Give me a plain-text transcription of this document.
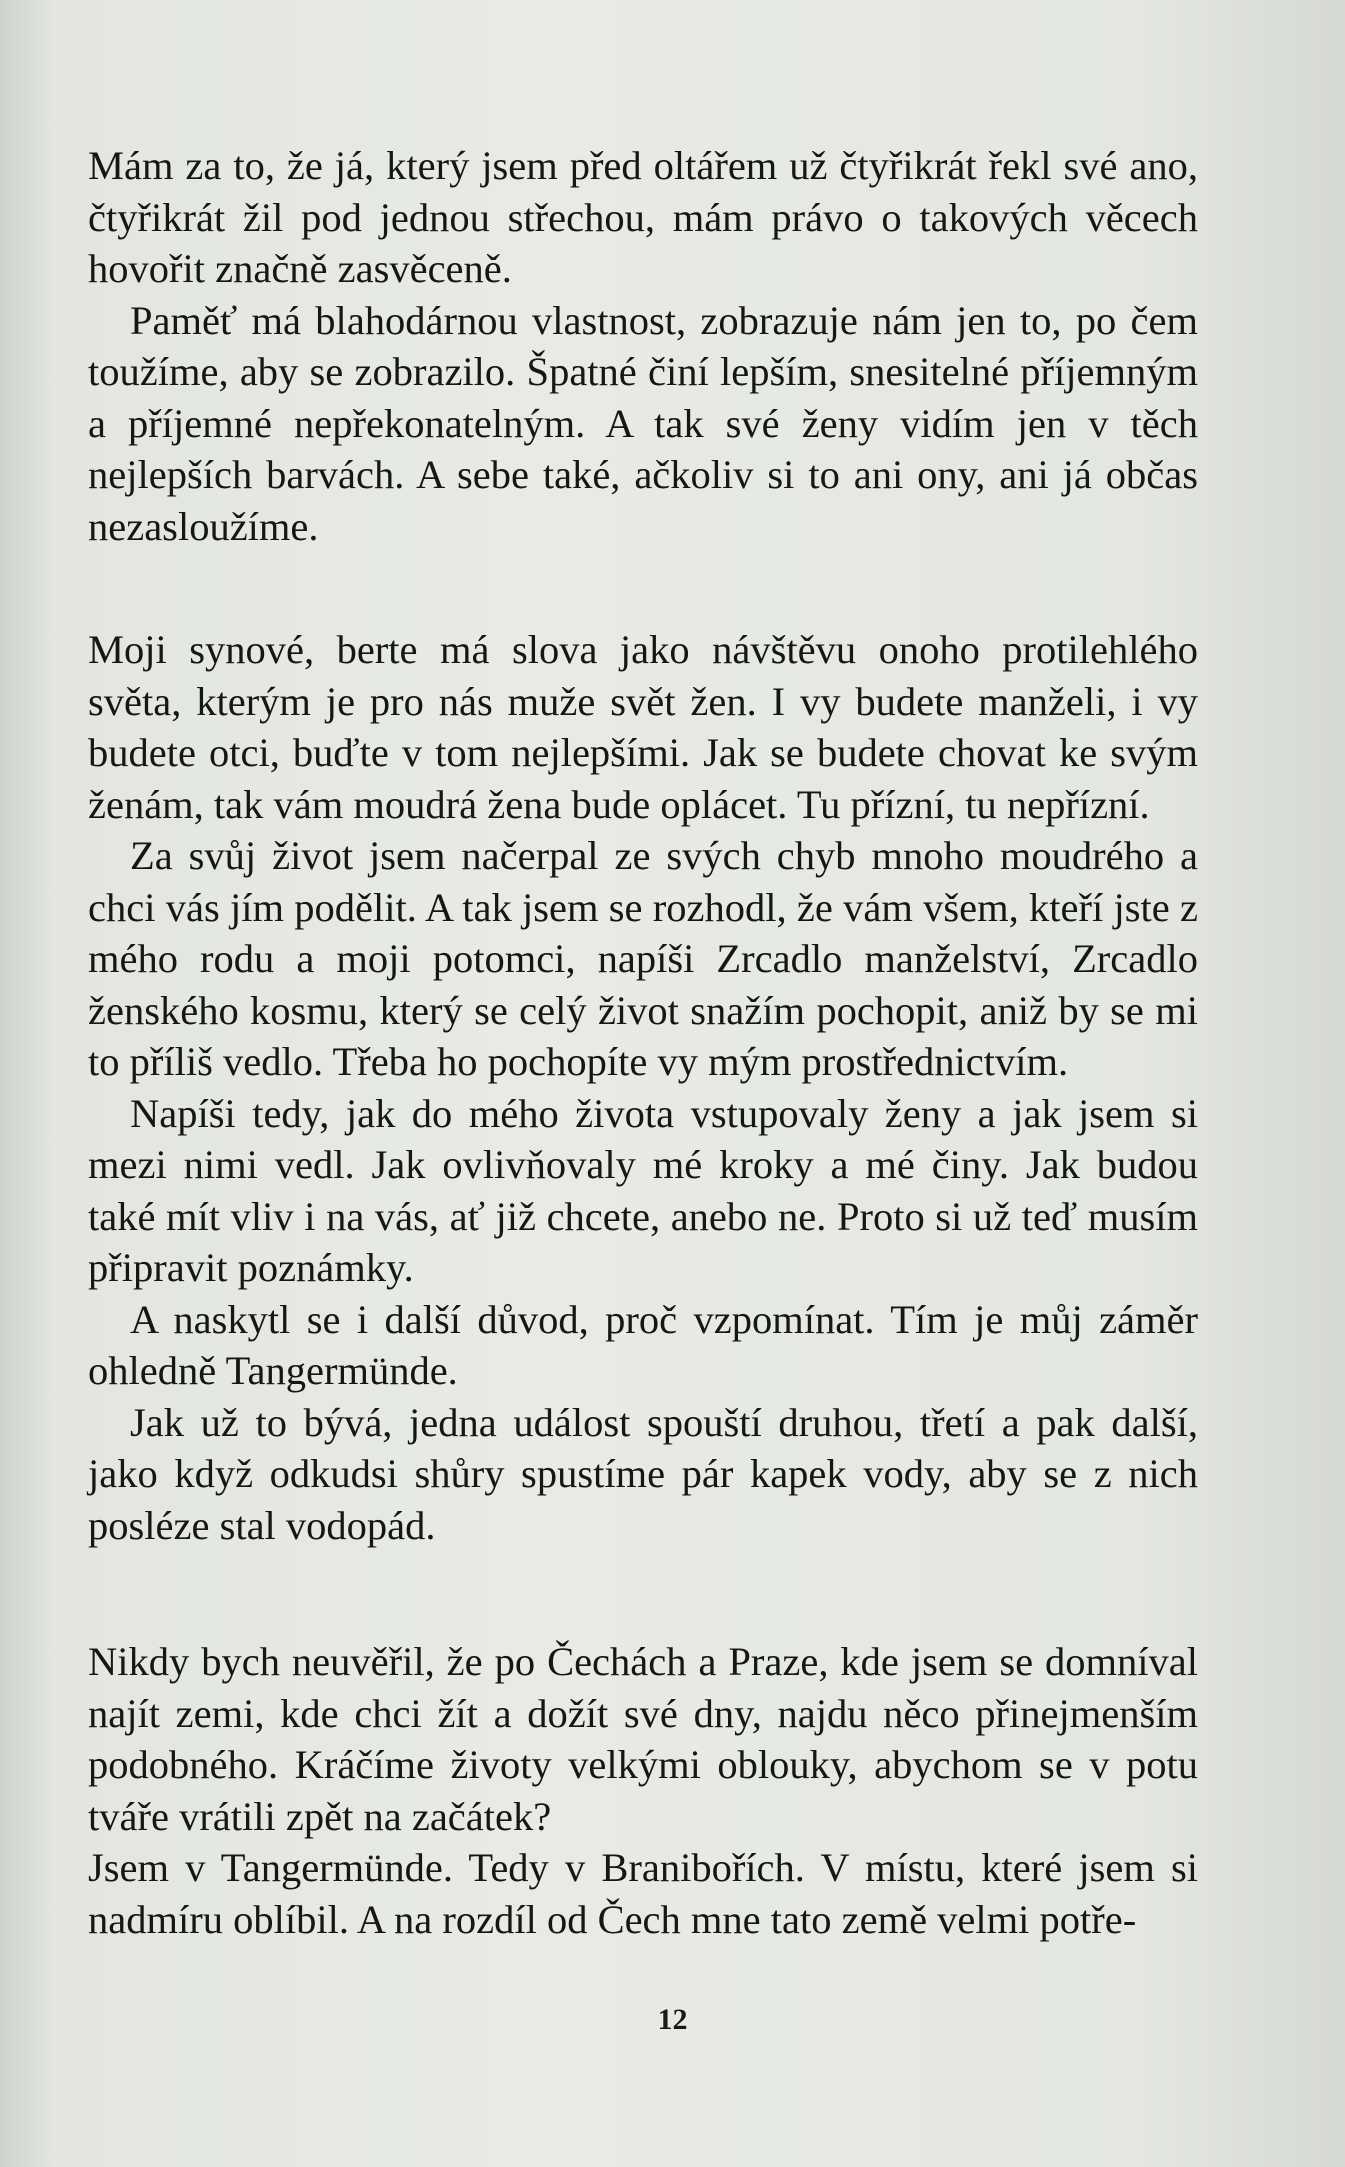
Mám za to, že já, který jsem před oltářem už čtyřikrát řekl své ano, čtyřikrát žil pod jednou střechou, mám právo o takových věcech hovořit značně zasvěceně.

Paměť má blahodárnou vlastnost, zobrazuje nám jen to, po čem toužíme, aby se zobrazilo. Špatné činí lepším, snesitelné příjemným a příjemné nepřekonatelným. A tak své ženy vidím jen v těch nejlepších barvách. A sebe také, ačkoliv si to ani ony, ani já občas nezasloužíme.

Moji synové, berte má slova jako návštěvu onoho protilehlého světa, kterým je pro nás muže svět žen. I vy budete manželi, i vy budete otci, buďte v tom nejlepšími. Jak se budete chovat ke svým ženám, tak vám moudrá žena bude oplácet. Tu přízní, tu nepřízní.

Za svůj život jsem načerpal ze svých chyb mnoho moudrého a chci vás jím podělit. A tak jsem se rozhodl, že vám všem, kteří jste z mého rodu a moji potomci, napíši Zrcadlo manželství, Zrcadlo ženského kosmu, který se celý život snažím pochopit, aniž by se mi to příliš vedlo. Třeba ho pochopíte vy mým prostřednictvím.

Napíši tedy, jak do mého života vstupovaly ženy a jak jsem si mezi nimi vedl. Jak ovlivňovaly mé kroky a mé činy. Jak budou také mít vliv i na vás, ať již chcete, anebo ne. Proto si už teď musím připravit poznámky.

A naskytl se i další důvod, proč vzpomínat. Tím je můj záměr ohledně Tangermünde.

Jak už to bývá, jedna událost spouští druhou, třetí a pak další, jako když odkudsi shůry spustíme pár kapek vody, aby se z nich posléze stal vodopád.

Nikdy bych neuvěřil, že po Čechách a Praze, kde jsem se domníval najít zemi, kde chci žít a dožít své dny, najdu něco přinejmenším podobného. Kráčíme životy velkými oblouky, abychom se v potu tváře vrátili zpět na začátek?

Jsem v Tangermünde. Tedy v Branibořích. V místu, které jsem si nadmíru oblíbil. A na rozdíl od Čech mne tato země velmi potře-

12
